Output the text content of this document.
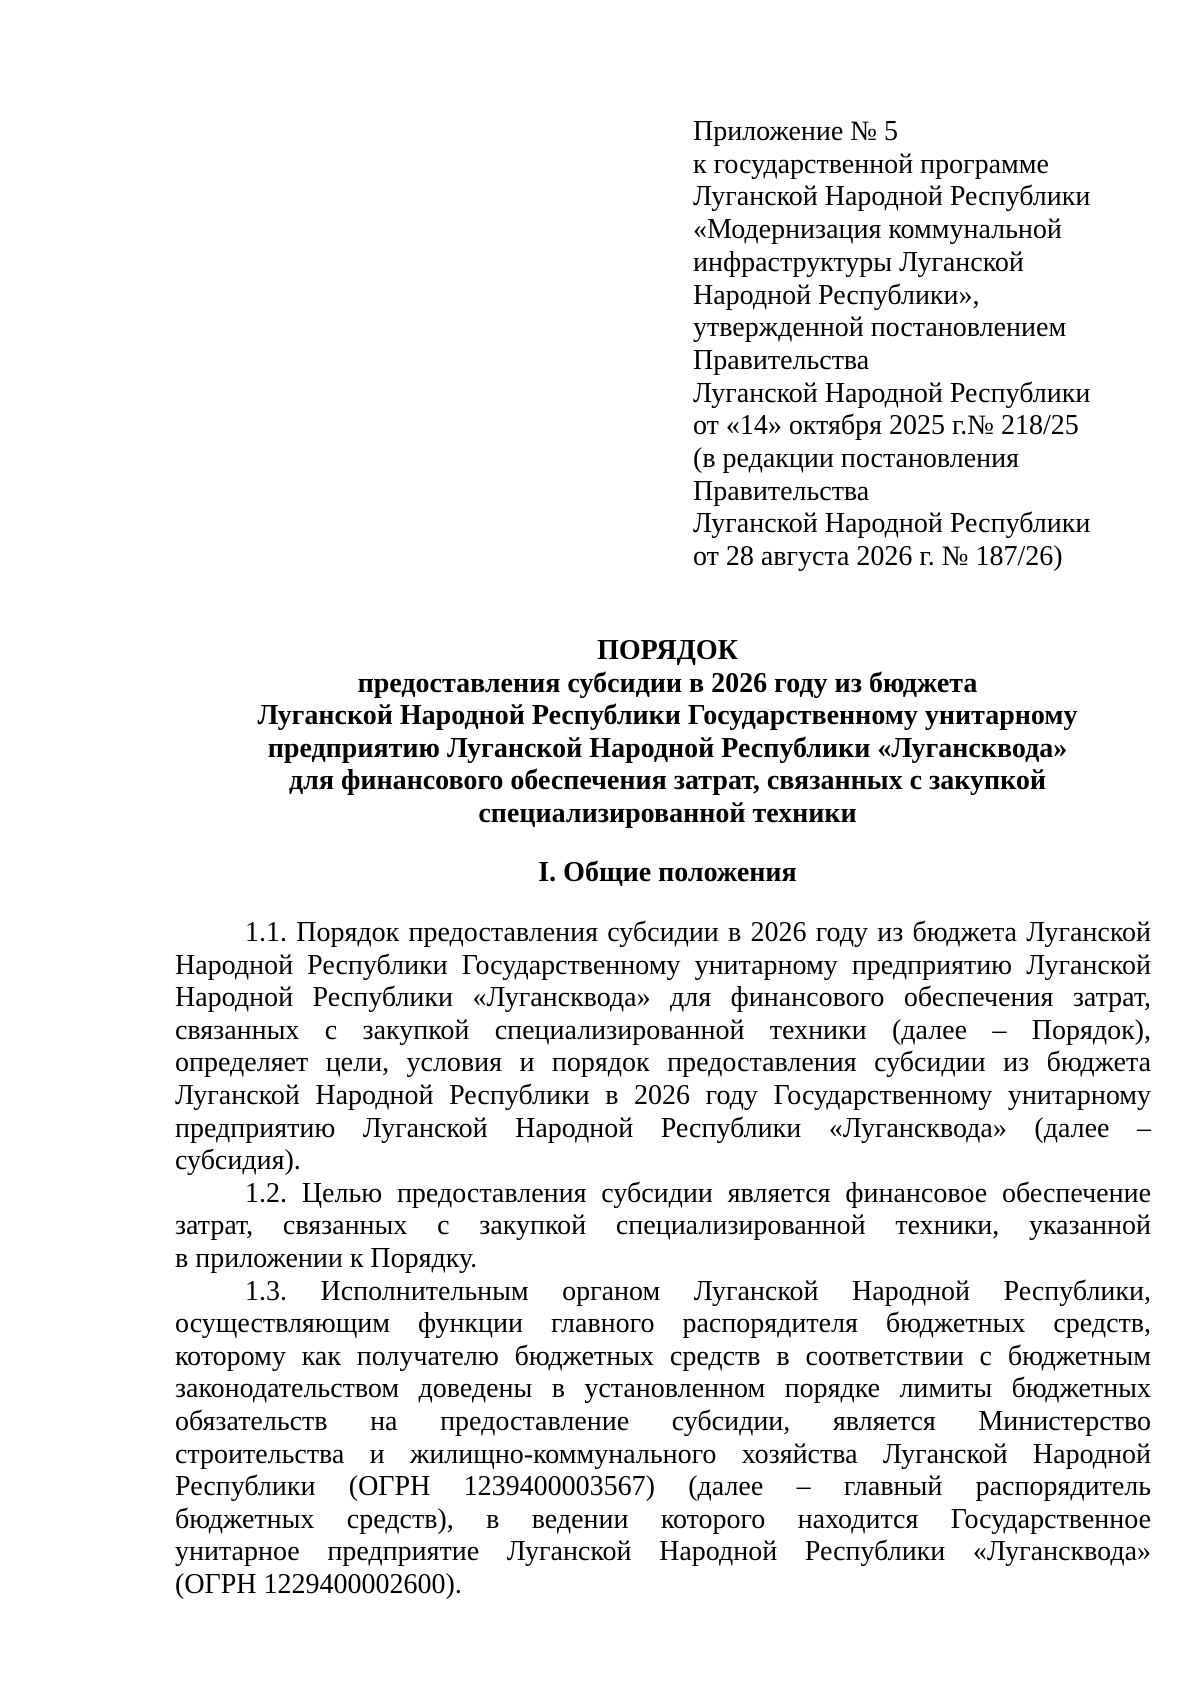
Приложение № 5
к государственной программе
Луганской Народной Республики
«Модернизация коммунальной
инфраструктуры Луганской
Народной Республики»,
утвержденной постановлением
Правительства
Луганской Народной Республики
от «14» октября 2025 г.№ 218/25
(в редакции постановления
Правительства
Луганской Народной Республики
от 28 августа 2026 г. № 187/26)
ПОРЯДОК
предоставления субсидии в 2026 году из бюджета
Луганской Народной Республики Государственному унитарному
предприятию Луганской Народной Республики «Лугансквода»
для финансового обеспечения затрат, связанных с закупкой
специализированной техники
I. Общие положения
1.1. Порядок предоставления субсидии в 2026 году из бюджета Луганской
Народной Республики Государственному унитарному предприятию Луганской
Народной Республики «Лугансквода» для финансового обеспечения затрат,
связанных с закупкой специализированной техники (далее – Порядок),
определяет цели, условия и порядок предоставления субсидии из бюджета
Луганской Народной Республики в 2026 году Государственному унитарному
предприятию Луганской Народной Республики «Лугансквода» (далее –
субсидия).
1.2. Целью предоставления субсидии является финансовое обеспечение
затрат, связанных с закупкой специализированной техники, указанной
в приложении к Порядку.
1.3. Исполнительным органом Луганской Народной Республики,
осуществляющим функции главного распорядителя бюджетных средств,
которому как получателю бюджетных средств в соответствии с бюджетным
законодательством доведены в установленном порядке лимиты бюджетных
обязательств на предоставление субсидии, является Министерство
строительства и жилищно-коммунального хозяйства Луганской Народной
Республики (ОГРН 1239400003567) (далее – главный распорядитель
бюджетных средств), в ведении которого находится Государственное
унитарное предприятие Луганской Народной Республики «Лугансквода»
(ОГРН 1229400002600).
